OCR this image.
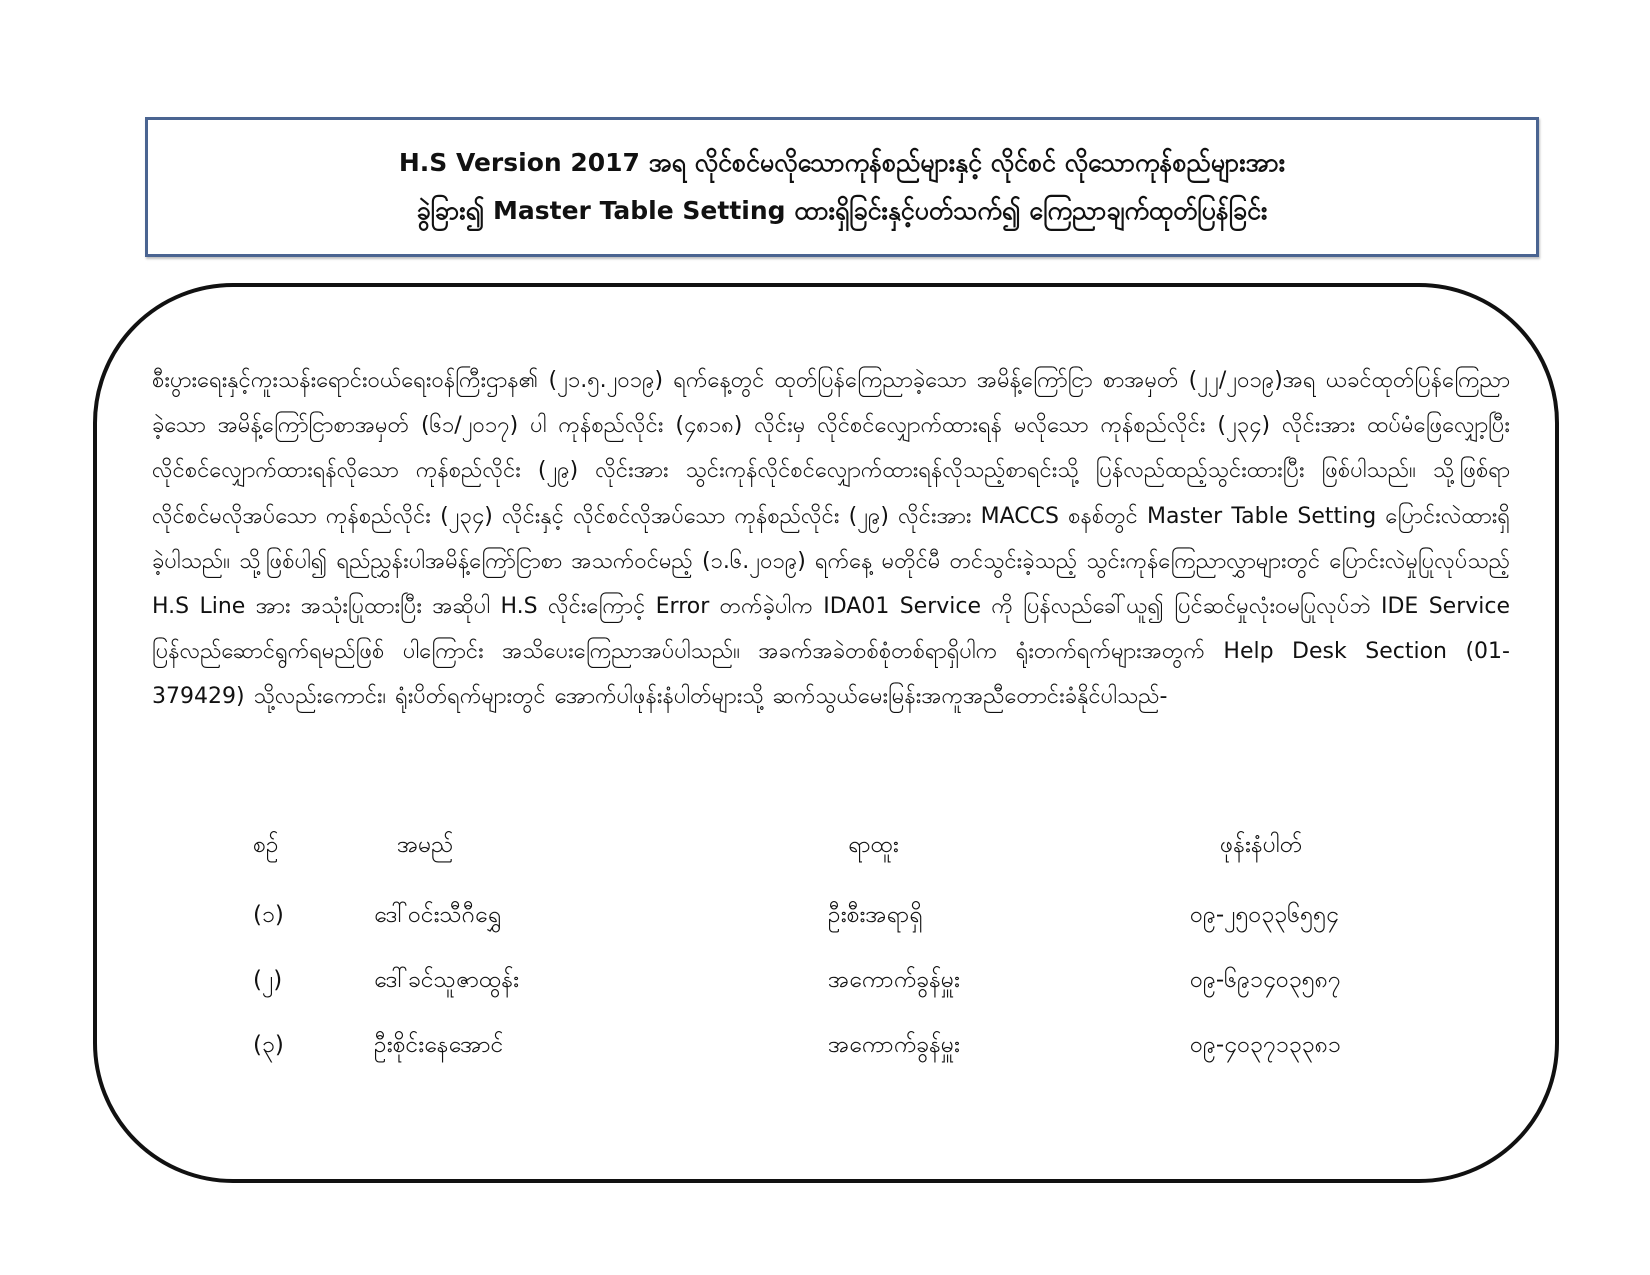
H.S Version 2017 အရ လိုင်စင်မလိုသောကုန်စည်များနှင့် လိုင်စင် လိုသောကုန်စည်များအား
ခွဲခြား၍ Master Table Setting ထားရှိခြင်းနှင့်ပတ်သက်၍ ကြေညာချက်ထုတ်ပြန်ခြင်း
စီးပွားရေးနှင့်ကူးသန်းရောင်းဝယ်ရေးဝန်ကြီးဌာန၏ (၂၁.၅.၂၀၁၉) ရက်နေ့တွင် ထုတ်ပြန်ကြေညာခဲ့သော အမိန့်ကြော်ငြာ စာအမှတ် (၂၂/၂၀၁၉)အရ ယခင်ထုတ်ပြန်ကြေညာခဲ့သော အမိန့်ကြော်ငြာစာအမှတ် (၆၁/၂၀၁၇) ပါ ကုန်စည်လိုင်း (၄၈၁၈) လိုင်းမှ လိုင်စင်လျှောက်ထားရန် မလိုသော ကုန်စည်လိုင်း (၂၃၄) လိုင်းအား ထပ်မံဖြေလျှော့ပြီး လိုင်စင်လျှောက်ထားရန်လိုသော ကုန်စည်လိုင်း (၂၉) လိုင်းအား သွင်းကုန်လိုင်စင်လျှောက်ထားရန်လိုသည့်စာရင်းသို့ ပြန်လည်ထည့်သွင်းထားပြီး ဖြစ်ပါသည်။ သို့ဖြစ်ရာ လိုင်စင်မလိုအပ်သော ကုန်စည်လိုင်း (၂၃၄) လိုင်းနှင့် လိုင်စင်လိုအပ်သော ကုန်စည်လိုင်း (၂၉) လိုင်းအား MACCS စနစ်တွင် Master Table Setting ပြောင်းလဲထားရှိခဲ့ပါသည်။ သို့ဖြစ်ပါ၍ ရည်ညွှန်းပါအမိန့်ကြော်ငြာစာ အသက်ဝင်မည့် (၁.၆.၂၀၁၉) ရက်နေ့ မတိုင်မီ တင်သွင်းခဲ့သည့် သွင်းကုန်ကြေညာလွှာများတွင် ပြောင်းလဲမှုပြုလုပ်သည့် H.S Line အား အသုံးပြုထားပြီး အဆိုပါ H.S လိုင်းကြောင့် Error တက်ခဲ့ပါက IDA01 Service ကို ပြန်လည်ခေါ်ယူ၍ ပြင်ဆင်မှုလုံးဝမပြုလုပ်ဘဲ IDE Service ပြန်လည်ဆောင်ရွက်ရမည်ဖြစ် ပါကြောင်း အသိပေးကြေညာအပ်ပါသည်။ အခက်အခဲတစ်စုံတစ်ရာရှိပါက ရုံးတက်ရက်များအတွက် Help Desk Section (01-379429) သို့လည်းကောင်း၊ ရုံးပိတ်ရက်များတွင် အောက်ပါဖုန်းနံပါတ်များသို့ ဆက်သွယ်မေးမြန်းအကူအညီတောင်းခံနိုင်ပါသည်-
စဉ်	အမည်	ရာထူး	ဖုန်းနံပါတ်
(၁)	ဒေါ်ဝင်းသီဂီရွှေ	ဦးစီးအရာရှိ	၀၉-၂၅၀၃၃၆၅၅၄
(၂)	ဒေါ်ခင်သူဇာထွန်း	အကောက်ခွန်မှူး	၀၉-၆၉၁၄၀၃၅၈၇
(၃)	ဦးစိုင်းနေအောင်	အကောက်ခွန်မှူး	၀၉-၄၀၃၇၁၃၃၈၁
